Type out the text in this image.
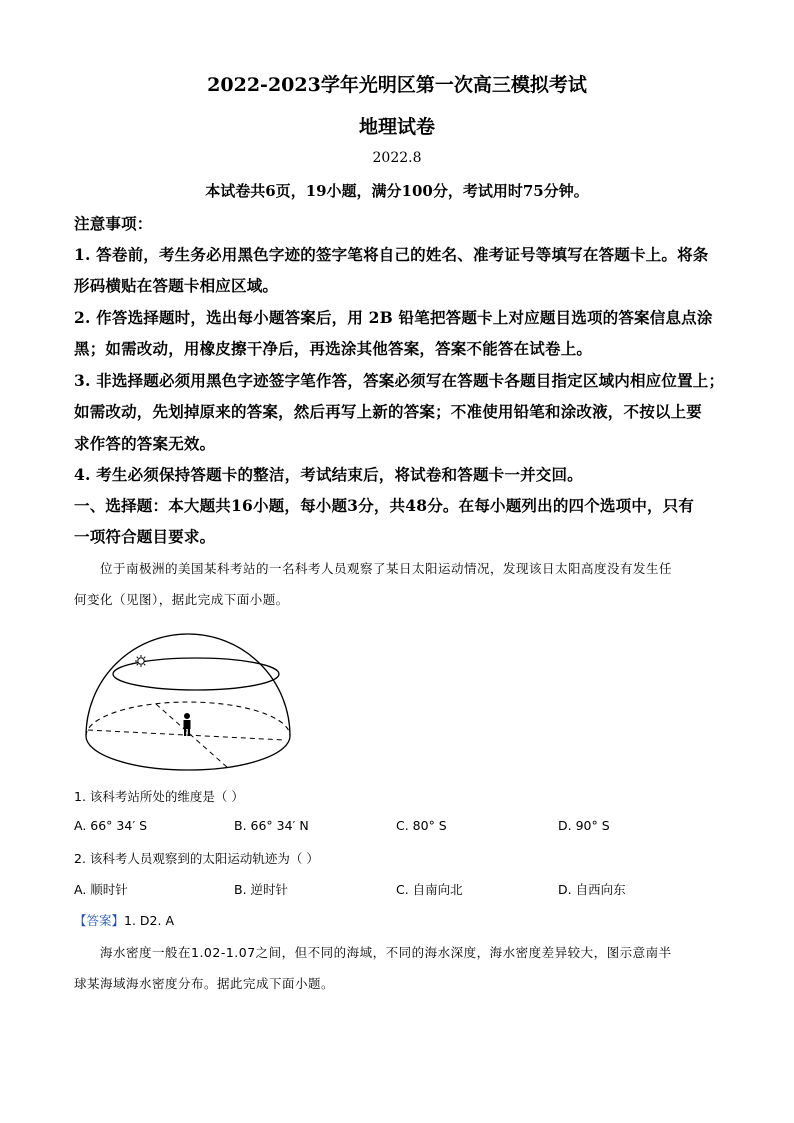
2022-2023学年光明区第一次高三模拟考试
地理试卷
2022.8
本试卷共6页，19小题，满分100分，考试用时75分钟。
注意事项：
1. 答卷前，考生务必用黑色字迹的签字笔将自己的姓名、准考证号等填写在答题卡上。将条
形码横贴在答题卡相应区域。
2. 作答选择题时，选出每小题答案后，用 2B 铅笔把答题卡上对应题目选项的答案信息点涂
黑；如需改动，用橡皮擦干净后，再选涂其他答案，答案不能答在试卷上。
3. 非选择题必须用黑色字迹签字笔作答，答案必须写在答题卡各题目指定区域内相应位置上；
如需改动，先划掉原来的答案，然后再写上新的答案；不准使用铅笔和涂改液，不按以上要
求作答的答案无效。
4. 考生必须保持答题卡的整洁，考试结束后，将试卷和答题卡一并交回。
一、选择题：本大题共16小题，每小题3分，共48分。在每小题列出的四个选项中，只有
一项符合题目要求。
位于南极洲的美国某科考站的一名科考人员观察了某日太阳运动情况，发现该日太阳高度没有发生任
何变化（见图），据此完成下面小题。
1. 该科考站所处的维度是（ ）
A. 66° 34′ S	B. 66° 34′ N	C. 80° S	D. 90° S
2. 该科考人员观察到的太阳运动轨迹为（ ）
A. 顺时针	B. 逆时针	C. 自南向北	D. 自西向东
【答案】1. D2. A
海水密度一般在1.02-1.07之间，但不同的海域，不同的海水深度，海水密度差异较大，图示意南半
球某海域海水密度分布。据此完成下面小题。
